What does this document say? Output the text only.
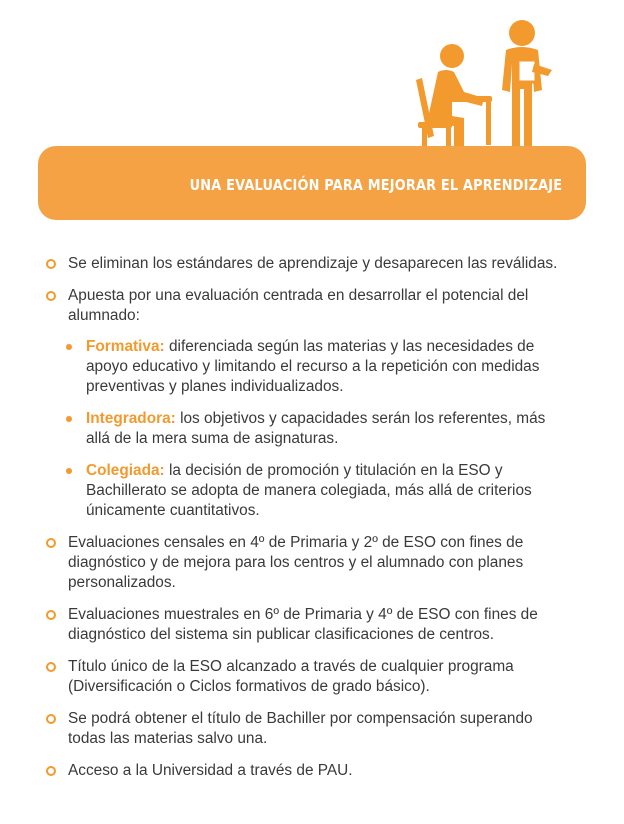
UNA EVALUACIÓN PARA MEJORAR EL APRENDIZAJE
Se eliminan los estándares de aprendizaje y desaparecen las reválidas.
Apuesta por una evaluación centrada en desarrollar el potencial del alumnado:
Formativa: diferenciada según las materias y las necesidades de apoyo educativo y limitando el recurso a la repetición con medidas preventivas y planes individualizados.
Integradora: los objetivos y capacidades serán los referentes, más allá de la mera suma de asignaturas.
Colegiada: la decisión de promoción y titulación en la ESO y Bachillerato se adopta de manera colegiada, más allá de criterios únicamente cuantitativos.
Evaluaciones censales en 4º de Primaria y 2º de ESO con fines de diagnóstico y de mejora para los centros y el alumnado con planes personalizados.
Evaluaciones muestrales en 6º de Primaria y 4º de ESO con fines de diagnóstico del sistema sin publicar clasificaciones de centros.
Título único de la ESO alcanzado a través de cualquier programa (Diversificación o Ciclos formativos de grado básico).
Se podrá obtener el título de Bachiller por compensación superando todas las materias salvo una.
Acceso a la Universidad a través de PAU.
